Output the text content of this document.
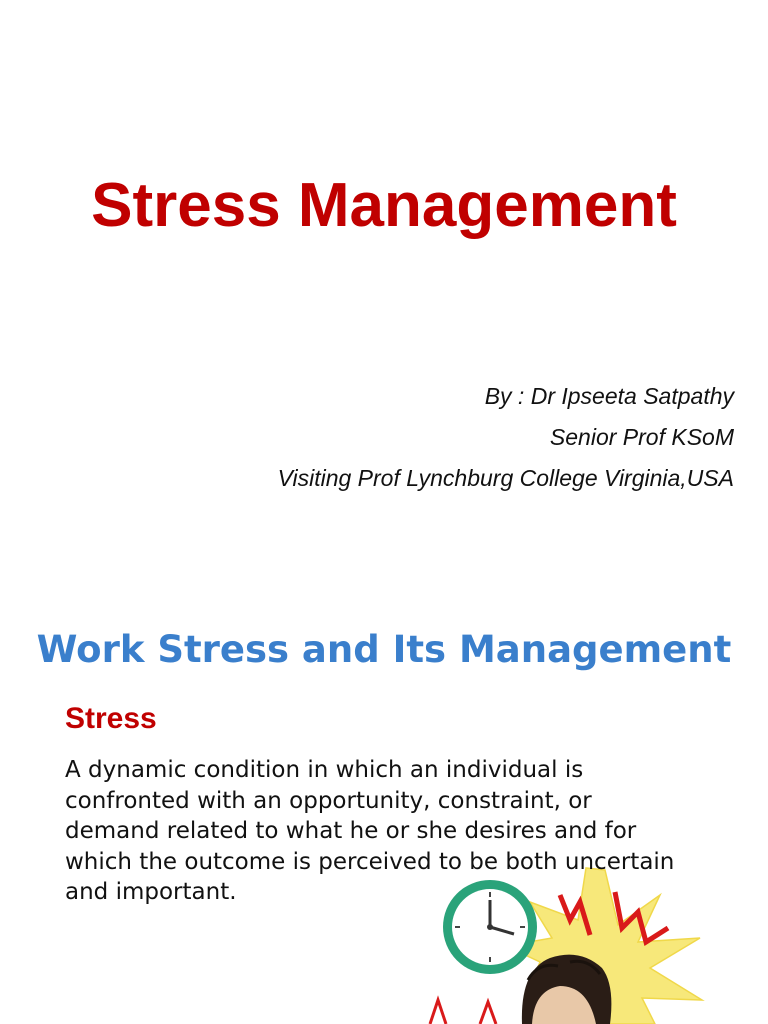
Stress Management
By : Dr Ipseeta Satpathy
Senior Prof KSoM
Visiting Prof Lynchburg College Virginia,USA
Work Stress and Its Management
Stress

A dynamic condition in which an individual is confronted with an opportunity, constraint, or demand related to what he or she desires and for which the outcome is perceived to be both uncertain and important.
